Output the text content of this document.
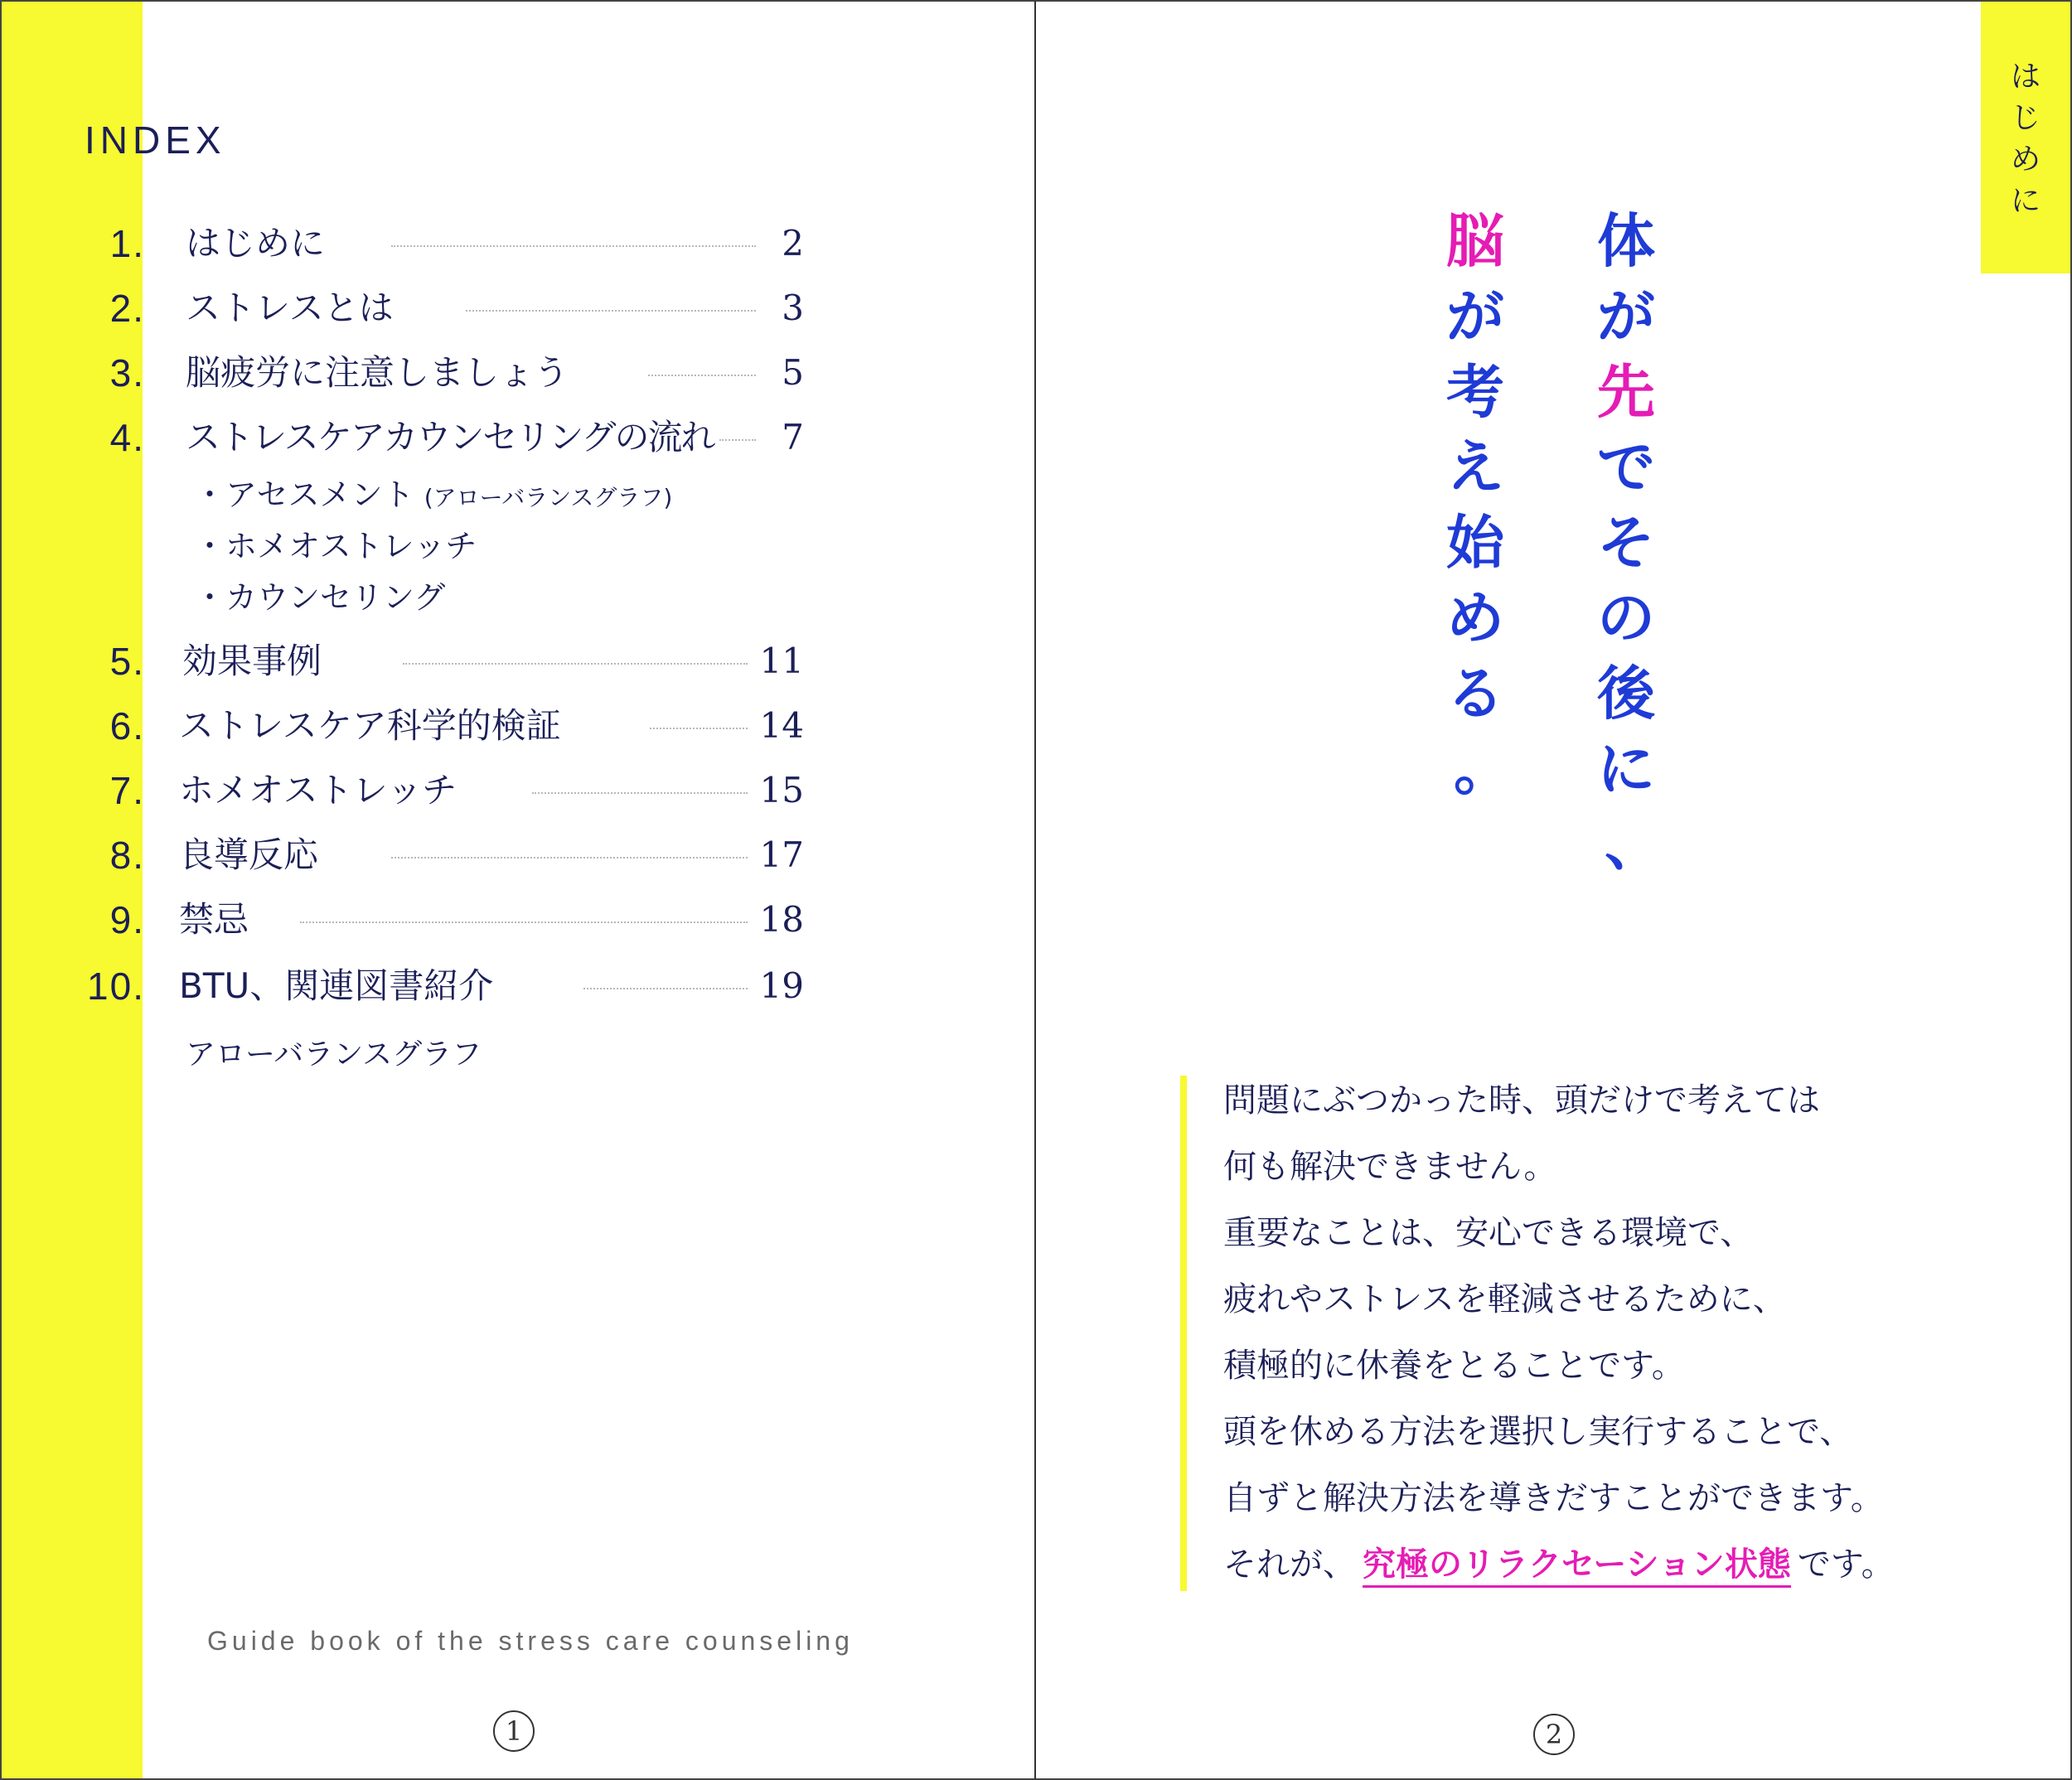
INDEX
1. はじめに	2
2. ストレスとは	3
3. 脳疲労に注意しましょう	5
4. ストレスケアカウンセリングの流れ 7
・アセスメント (アローバランスグラフ)
・ホメオストレッチ
・カウンセリング
5. 効果事例	11
6. ストレスケア科学的検証	14
7. ホメオストレッチ	15
8. 良導反応	17
9. 禁忌	18
10. BTU、関連図書紹介	19
アローバランスグラフ
Guide book of the stress care counseling
1
は
じ
め
に
体
が
先
で
そ
の
後
に
、
脳
が
考
え
始
め
る
。
問題にぶつかった時、頭だけで考えては
何も解決できません。
重要なことは、安心できる環境で、
疲れやストレスを軽減させるために、
積極的に休養をとることです。
頭を休める方法を選択し実行することで、
自ずと解決方法を導きだすことができます。
それが、 究極のリラクセーション状態 です。
2
